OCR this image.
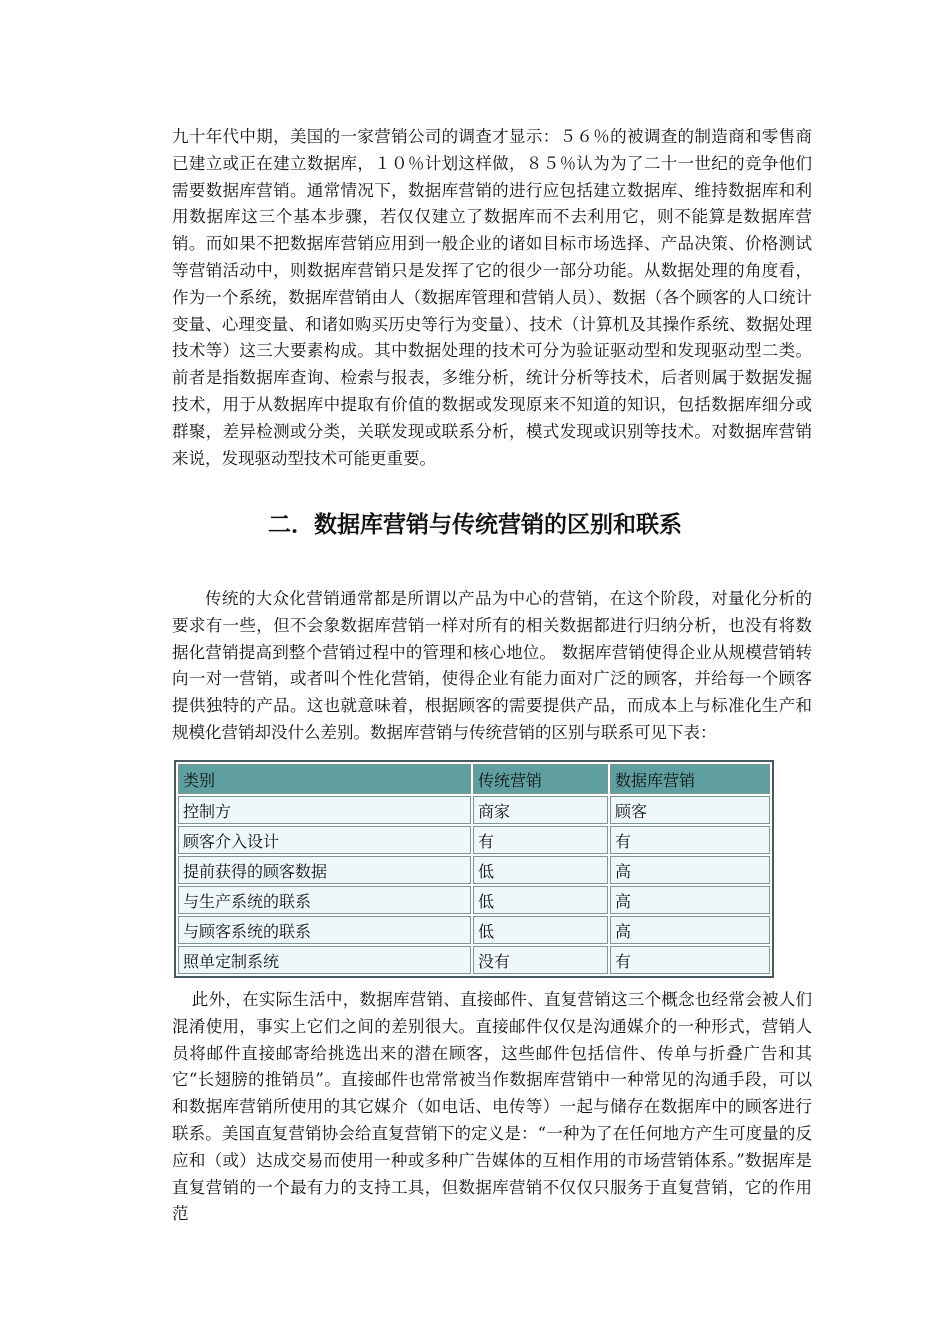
九十年代中期，美国的一家营销公司的调查才显示：５６％的被调查的制造商和零售商已建立或正在建立数据库，１０％计划这样做，８５％认为为了二十一世纪的竞争他们需要数据库营销。通常情况下，数据库营销的进行应包括建立数据库、维持数据库和利用数据库这三个基本步骤，若仅仅建立了数据库而不去利用它，则不能算是数据库营销。而如果不把数据库营销应用到一般企业的诸如目标市场选择、产品决策、价格测试等营销活动中，则数据库营销只是发挥了它的很少一部分功能。从数据处理的角度看，作为一个系统，数据库营销由人（数据库管理和营销人员）、数据（各个顾客的人口统计变量、心理变量、和诸如购买历史等行为变量）、技术（计算机及其操作系统、数据处理技术等）这三大要素构成。其中数据处理的技术可分为验证驱动型和发现驱动型二类。前者是指数据库查询、检索与报表，多维分析，统计分析等技术，后者则属于数据发掘技术，用于从数据库中提取有价值的数据或发现原来不知道的知识，包括数据库细分或群聚，差异检测或分类，关联发现或联系分析，模式发现或识别等技术。对数据库营销来说，发现驱动型技术可能更重要。

二．数据库营销与传统营销的区别和联系

传统的大众化营销通常都是所谓以产品为中心的营销，在这个阶段，对量化分析的要求有一些，但不会象数据库营销一样对所有的相关数据都进行归纳分析，也没有将数据化营销提高到整个营销过程中的管理和核心地位。 数据库营销使得企业从规模营销转向一对一营销，或者叫个性化营销，使得企业有能力面对广泛的顾客，并给每一个顾客提供独特的产品。这也就意味着，根据顾客的需要提供产品，而成本上与标准化生产和规模化营销却没什么差别。数据库营销与传统营销的区别与联系可见下表：

类别	传统营销	数据库营销
控制方	商家	顾客
顾客介入设计	有	有
提前获得的顾客数据	低	高
与生产系统的联系	低	高
与顾客系统的联系	低	高
照单定制系统	没有	有

此外，在实际生活中，数据库营销、直接邮件、直复营销这三个概念也经常会被人们混淆使用，事实上它们之间的差别很大。直接邮件仅仅是沟通媒介的一种形式，营销人员将邮件直接邮寄给挑选出来的潜在顾客，这些邮件包括信件、传单与折叠广告和其它“长翅膀的推销员”。直接邮件也常常被当作数据库营销中一种常见的沟通手段，可以和数据库营销所使用的其它媒介（如电话、电传等）一起与储存在数据库中的顾客进行联系。美国直复营销协会给直复营销下的定义是：“一种为了在任何地方产生可度量的反应和（或）达成交易而使用一种或多种广告媒体的互相作用的市场营销体系。”数据库是直复营销的一个最有力的支持工具，但数据库营销不仅仅只服务于直复营销，它的作用范
